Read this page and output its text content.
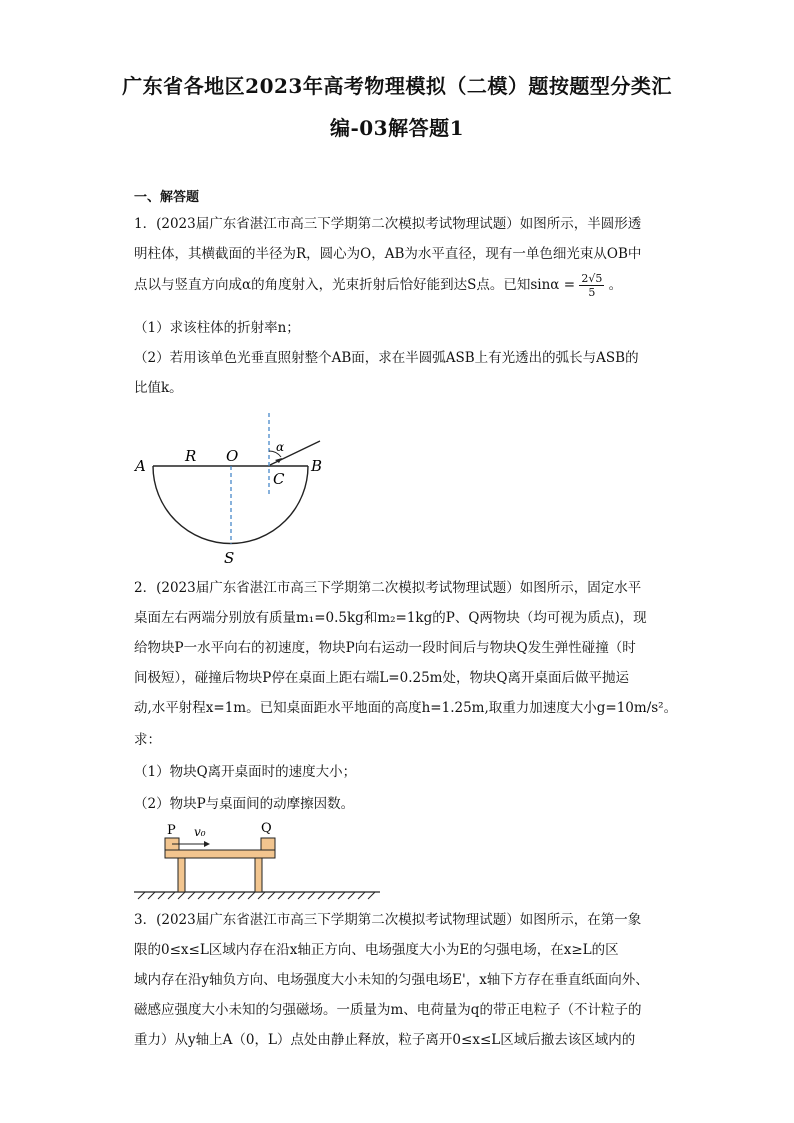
广东省各地区2023年高考物理模拟（二模）题按题型分类汇
编-03解答题1
一、解答题
1．(2023届广东省湛江市高三下学期第二次模拟考试物理试题）如图所示，半圆形透
明柱体，其横截面的半径为R，圆心为O，AB为水平直径，现有一单色细光束从OB中
点以与竖直方向成α的角度射入，光束折射后恰好能到达S点。已知$\sin\alpha = \frac{2√5}{5}$ 。
（1）求该柱体的折射率n；
（2）若用该单色光垂直照射整个AB面，求在半圆弧ASB上有光透出的弧长与ASB的
比值k。
A
R O	α
B
C
S
2．(2023届广东省湛江市高三下学期第二次模拟考试物理试题）如图所示，固定水平
桌面左右两端分别放有质量m₁=0.5kg和m₂=1kg的P、Q两物块（均可视为质点)，现
给物块P一水平向右的初速度，物块P向右运动一段时间后与物块Q发生弹性碰撞（时
间极短），碰撞后物块P停在桌面上距右端L=0.25m处，物块Q离开桌面后做平抛运
动,水平射程x=1m。已知桌面距水平地面的高度h=1.25m,取重力加速度大小g=10m/s²。
求：
（1）物块Q离开桌面时的速度大小；
（2）物块P与桌面间的动摩擦因数。
P v₀	Q
3．(2023届广东省湛江市高三下学期第二次模拟考试物理试题）如图所示，在第一象
限的0≤x≤L区域内存在沿x轴正方向、电场强度大小为E的匀强电场，在x≥L的区
域内存在沿y轴负方向、电场强度大小未知的匀强电场E'，x轴下方存在垂直纸面向外、
磁感应强度大小未知的匀强磁场。一质量为m、电荷量为q的带正电粒子（不计粒子的
重力）从y轴上A（0，L）点处由静止释放，粒子离开0≤x≤L区域后撤去该区域内的
